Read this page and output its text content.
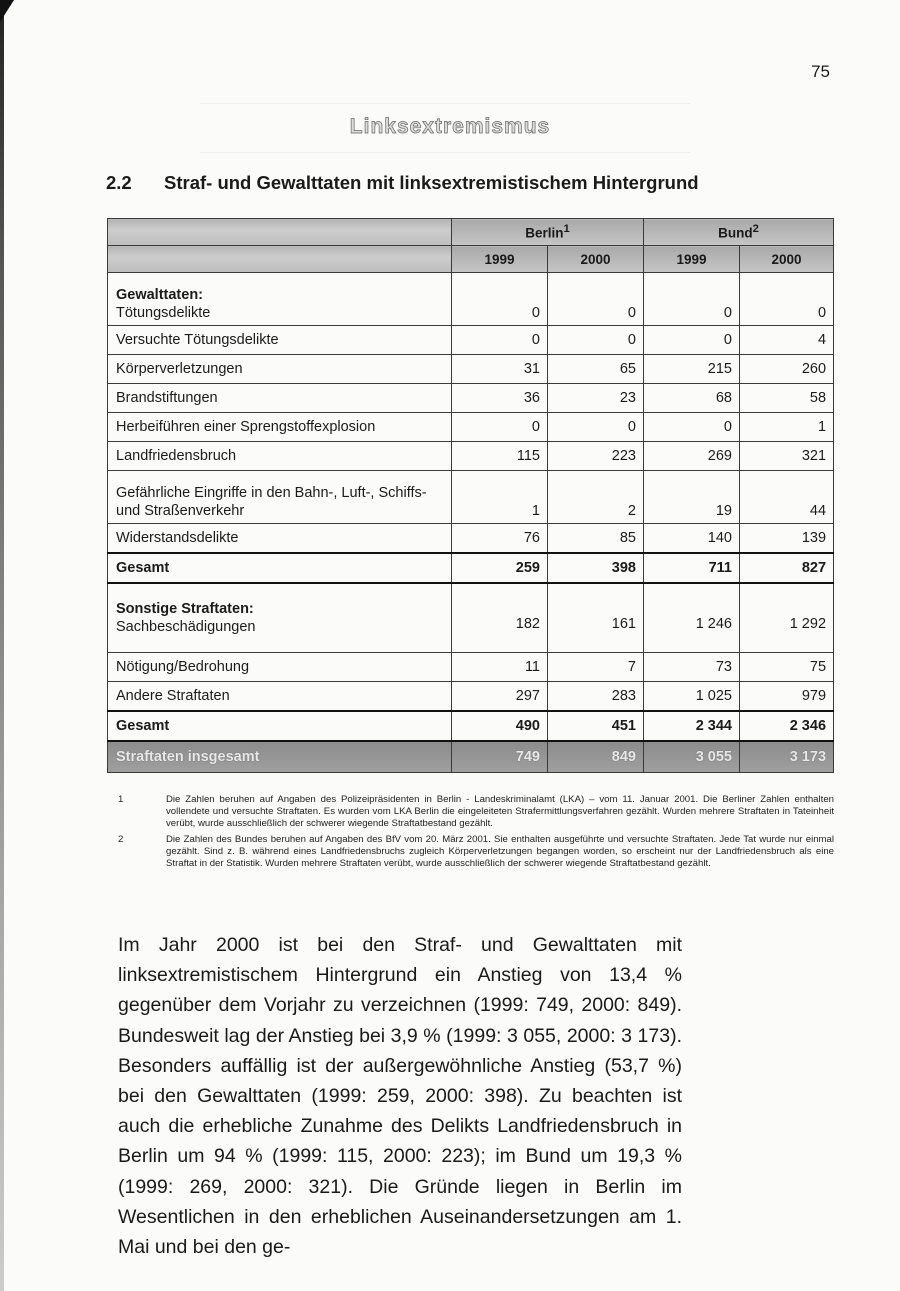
75
Linksextremismus
2.2 Straf- und Gewalttaten mit linksextremistischem Hintergrund
	Berlin$^1$		Bund$^2$
	1999	2000	1999	2000

Gewalttaten:
Tötungsdelikte	0	0	0	0

Versuchte Tötungsdelikte	0	0	0	4

Körperverletzungen	31	65	215	260

Brandstiftungen	36	23	68	58

Herbeiführen einer Sprengstoffexplosion	0	0	0	1

Landfriedensbruch	115	223	269	321

Gefährliche Eingriffe in den Bahn-, Luft-, Schiffs- und Straßenverkehr	1	2	19	44

Widerstandsdelikte	76	85	140	139

Gesamt	259	398	711	827

Sonstige Straftaten:
Sachbeschädigungen	182	161	1 246	1 292

Nötigung/Bedrohung	11	7	73	75

Andere Straftaten	297	283	1 025	979

Gesamt	490	451	2 344	2 346

Straftaten insgesamt	749	849	3 055	3 173
1	Die Zahlen beruhen auf Angaben des Polizeipräsidenten in Berlin - Landeskriminalamt (LKA) – vom 11. Januar 2001. Die Berliner Zahlen enthalten vollendete und versuchte Straftaten. Es wurden vom LKA Berlin die eingeleiteten Strafermittlungsverfahren gezählt. Wurden mehrere Straftaten in Tateinheit verübt, wurde ausschließlich der schwerer wiegende Straftatbestand gezählt.
2	Die Zahlen des Bundes beruhen auf Angaben des BfV vom 20. März 2001. Sie enthalten ausgeführte und versuchte Straftaten. Jede Tat wurde nur einmal gezählt. Sind z. B. während eines Landfriedensbruchs zugleich Körperverletzungen begangen worden, so erscheint nur der Landfriedensbruch als eine Straftat in der Statistik. Wurden mehrere Straftaten verübt, wurde ausschließlich der schwerer wiegende Straftatbestand gezählt.
Im Jahr 2000 ist bei den Straf- und Gewalttaten mit linksextremistischem Hintergrund ein Anstieg von 13,4 % gegenüber dem Vorjahr zu verzeichnen (1999: 749, 2000: 849). Bundesweit lag der Anstieg bei 3,9 % (1999: 3 055, 2000: 3 173). Besonders auffällig ist der außergewöhnliche Anstieg (53,7 %) bei den Gewalttaten (1999: 259, 2000: 398). Zu beachten ist auch die erhebliche Zunahme des Delikts Landfriedensbruch in Berlin um 94 % (1999: 115, 2000: 223); im Bund um 19,3 % (1999: 269, 2000: 321). Die Gründe liegen in Berlin im Wesentlichen in den erheblichen Auseinandersetzungen am 1. Mai und bei den ge-
